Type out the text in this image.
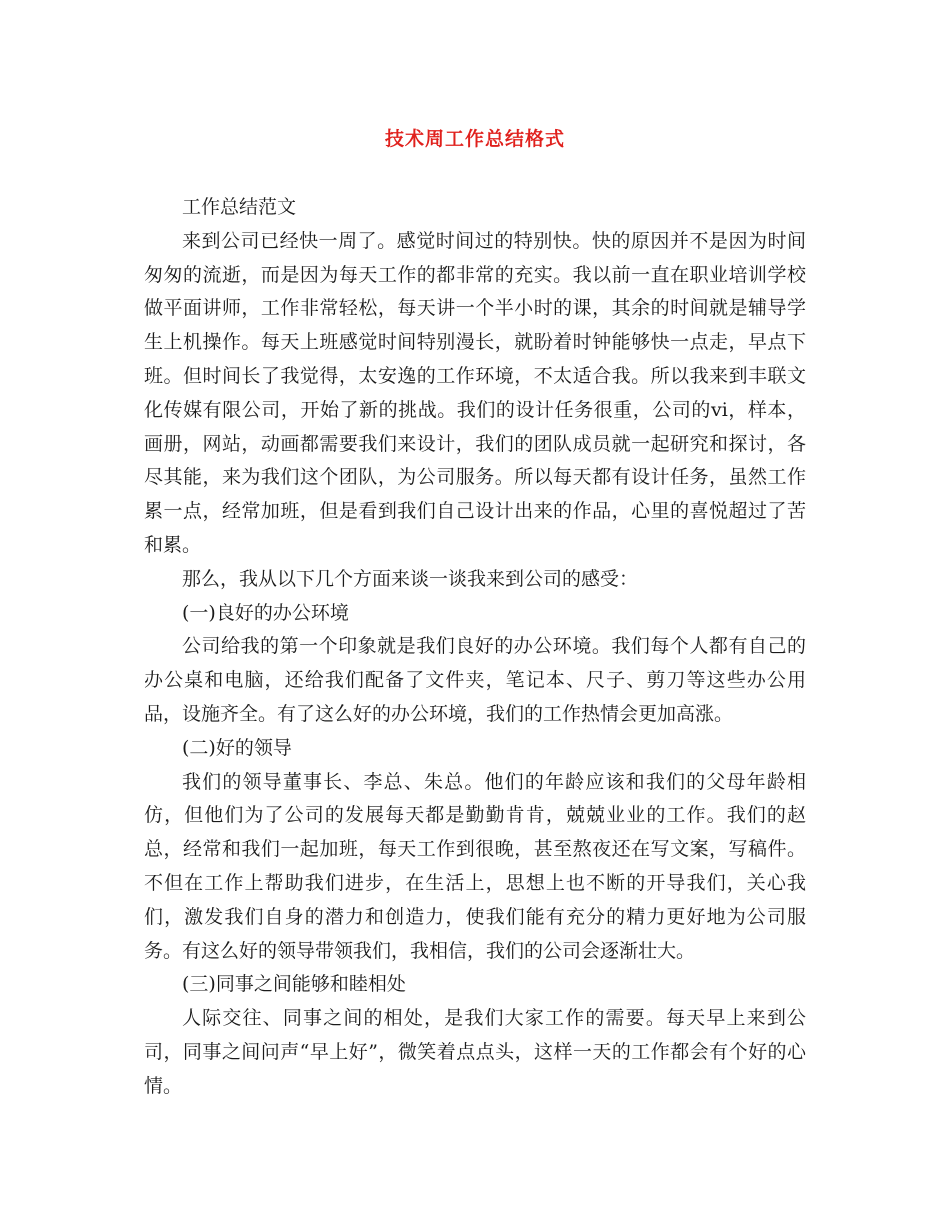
技术周工作总结格式

工作总结范文

来到公司已经快一周了。感觉时间过的特别快。快的原因并不是因为时间匆匆的流逝，而是因为每天工作的都非常的充实。我以前一直在职业培训学校做平面讲师，工作非常轻松，每天讲一个半小时的课，其余的时间就是辅导学生上机操作。每天上班感觉时间特别漫长，就盼着时钟能够快一点走，早点下班。但时间长了我觉得，太安逸的工作环境，不太适合我。所以我来到丰联文化传媒有限公司，开始了新的挑战。我们的设计任务很重，公司的vi，样本，画册，网站，动画都需要我们来设计，我们的团队成员就一起研究和探讨，各尽其能，来为我们这个团队，为公司服务。所以每天都有设计任务，虽然工作累一点，经常加班，但是看到我们自己设计出来的作品，心里的喜悦超过了苦和累。

那么，我从以下几个方面来谈一谈我来到公司的感受：

(一)良好的办公环境

公司给我的第一个印象就是我们良好的办公环境。我们每个人都有自己的办公桌和电脑，还给我们配备了文件夹，笔记本、尺子、剪刀等这些办公用品，设施齐全。有了这么好的办公环境，我们的工作热情会更加高涨。

(二)好的领导

我们的领导董事长、李总、朱总。他们的年龄应该和我们的父母年龄相仿，但他们为了公司的发展每天都是勤勤肯肯，兢兢业业的工作。我们的赵总，经常和我们一起加班，每天工作到很晚，甚至熬夜还在写文案，写稿件。不但在工作上帮助我们进步，在生活上，思想上也不断的开导我们，关心我们，激发我们自身的潜力和创造力，使我们能有充分的精力更好地为公司服务。有这么好的领导带领我们，我相信，我们的公司会逐渐壮大。

(三)同事之间能够和睦相处

人际交往、同事之间的相处，是我们大家工作的需要。每天早上来到公司，同事之间问声“早上好”，微笑着点点头，这样一天的工作都会有个好的心情。
